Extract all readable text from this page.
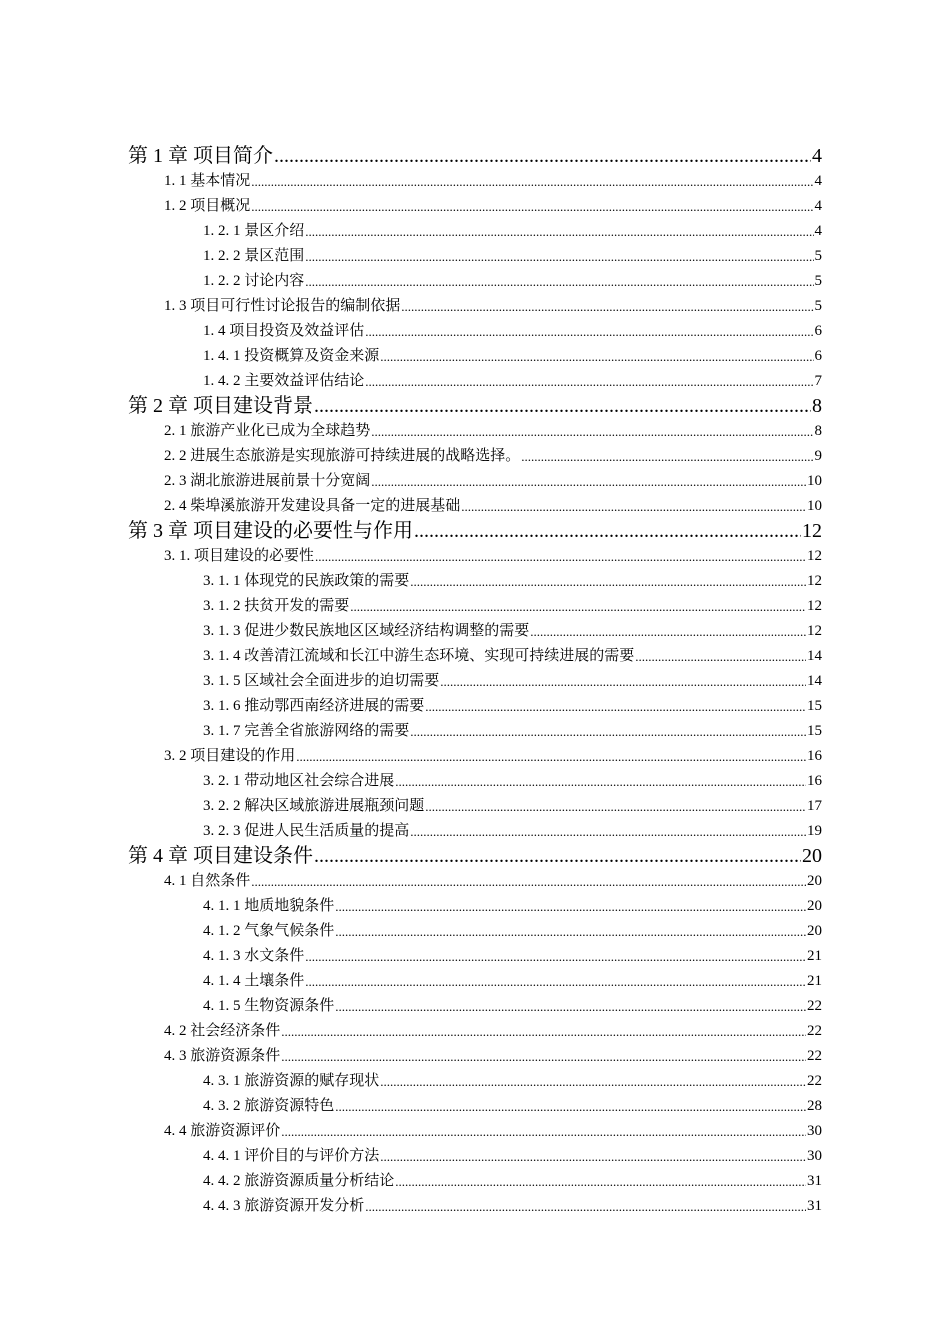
第 1 章 项目简介 .....	4
1. 1 基本情况 .....	4
1. 2 项目概况 .....	4
1. 2. 1 景区介绍 .....	4
1. 2. 2 景区范围 .....	5
1. 2. 2 讨论内容 .....	5
1. 3 项目可行性讨论报告的编制依据 .....	5
1. 4 项目投资及效益评估 .....	6
1. 4. 1 投资概算及资金来源 .....	6
1. 4. 2 主要效益评估结论 .....	7
第 2 章 项目建设背景 .....	8
2. 1 旅游产业化已成为全球趋势 .....	8
2. 2 进展生态旅游是实现旅游可持续进展的战略选择。 .....	9
2. 3 湖北旅游进展前景十分宽阔 .....	10
2. 4 柴埠溪旅游开发建设具备一定的进展基础 .....	10
第 3 章 项目建设的必要性与作用 .....	12
3. 1. 项目建设的必要性 .....	12
3. 1. 1 体现党的民族政策的需要 .....	12
3. 1. 2 扶贫开发的需要 .....	12
3. 1. 3 促进少数民族地区区域经济结构调整的需要 .....	12
3. 1. 4 改善清江流域和长江中游生态环境、实现可持续进展的需要 .....	14
3. 1. 5 区域社会全面进步的迫切需要 .....	14
3. 1. 6 推动鄂西南经济进展的需要 .....	15
3. 1. 7 完善全省旅游网络的需要 .....	15
3. 2 项目建设的作用 .....	16
3. 2. 1 带动地区社会综合进展 .....	16
3. 2. 2 解决区域旅游进展瓶颈问题 .....	17
3. 2. 3 促进人民生活质量的提高 .....	19
第 4 章 项目建设条件 .....	20
4. 1 自然条件 .....	20
4. 1. 1 地质地貌条件 .....	20
4. 1. 2 气象气候条件 .....	20
4. 1. 3 水文条件 .....	21
4. 1. 4 土壤条件 .....	21
4. 1. 5 生物资源条件 .....	22
4. 2 社会经济条件 .....	22
4. 3 旅游资源条件 .....	22
4. 3. 1 旅游资源的赋存现状 .....	22
4. 3. 2 旅游资源特色 .....	28
4. 4 旅游资源评价 .....	30
4. 4. 1 评价目的与评价方法 .....	30
4. 4. 2 旅游资源质量分析结论 .....	31
4. 4. 3 旅游资源开发分析 .....	31
